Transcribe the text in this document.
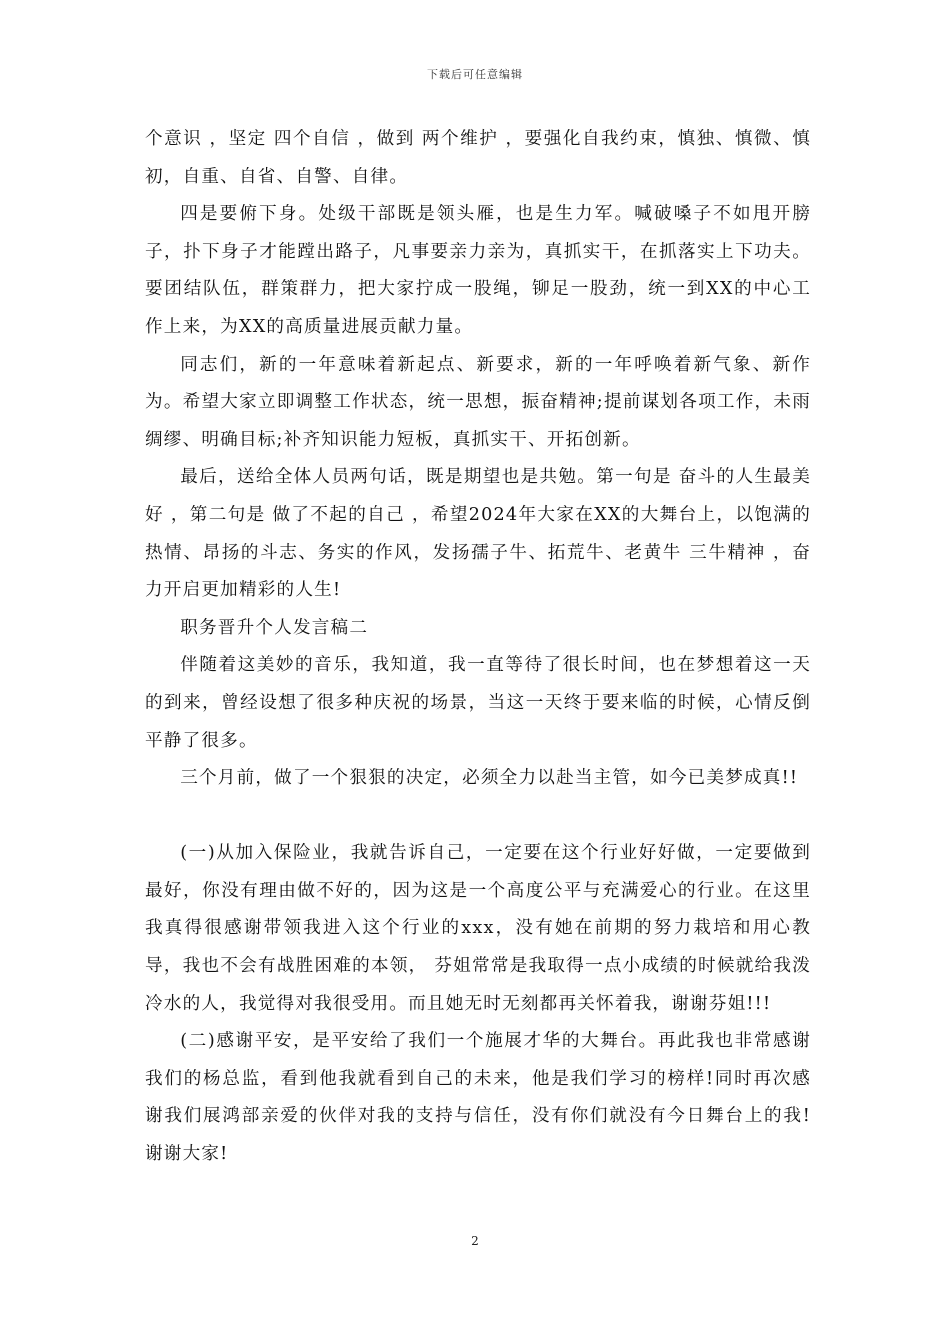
下载后可任意编辑

个意识 ，坚定 四个自信 ，做到 两个维护 ，要强化自我约束，慎独、慎微、慎初，自重、自省、自警、自律。

四是要俯下身。处级干部既是领头雁，也是生力军。喊破嗓子不如甩开膀子，扑下身子才能蹚出路子，凡事要亲力亲为，真抓实干，在抓落实上下功夫。要团结队伍，群策群力，把大家拧成一股绳，铆足一股劲，统一到XX的中心工作上来，为XX的高质量进展贡献力量。

同志们，新的一年意味着新起点、新要求，新的一年呼唤着新气象、新作为。希望大家立即调整工作状态，统一思想，振奋精神;提前谋划各项工作，未雨绸缪、明确目标;补齐知识能力短板，真抓实干、开拓创新。

最后，送给全体人员两句话，既是期望也是共勉。第一句是 奋斗的人生最美好 ，第二句是 做了不起的自己 ，希望2024年大家在XX的大舞台上，以饱满的热情、昂扬的斗志、务实的作风，发扬孺子牛、拓荒牛、老黄牛 三牛精神 ，奋力开启更加精彩的人生!

职务晋升个人发言稿二

伴随着这美妙的音乐，我知道，我一直等待了很长时间，也在梦想着这一天的到来，曾经设想了很多种庆祝的场景，当这一天终于要来临的时候，心情反倒平静了很多。

三个月前，做了一个狠狠的决定，必须全力以赴当主管，如今已美梦成真!!

(一)从加入保险业，我就告诉自己，一定要在这个行业好好做，一定要做到最好，你没有理由做不好的，因为这是一个高度公平与充满爱心的行业。在这里我真得很感谢带领我进入这个行业的xxx，没有她在前期的努力栽培和用心教导，我也不会有战胜困难的本领， 芬姐常常是我取得一点小成绩的时候就给我泼冷水的人，我觉得对我很受用。而且她无时无刻都再关怀着我，谢谢芬姐!!!

(二)感谢平安，是平安给了我们一个施展才华的大舞台。再此我也非常感谢我们的杨总监，看到他我就看到自己的未来，他是我们学习的榜样!同时再次感谢我们展鸿部亲爱的伙伴对我的支持与信任，没有你们就没有今日舞台上的我!谢谢大家!

2
